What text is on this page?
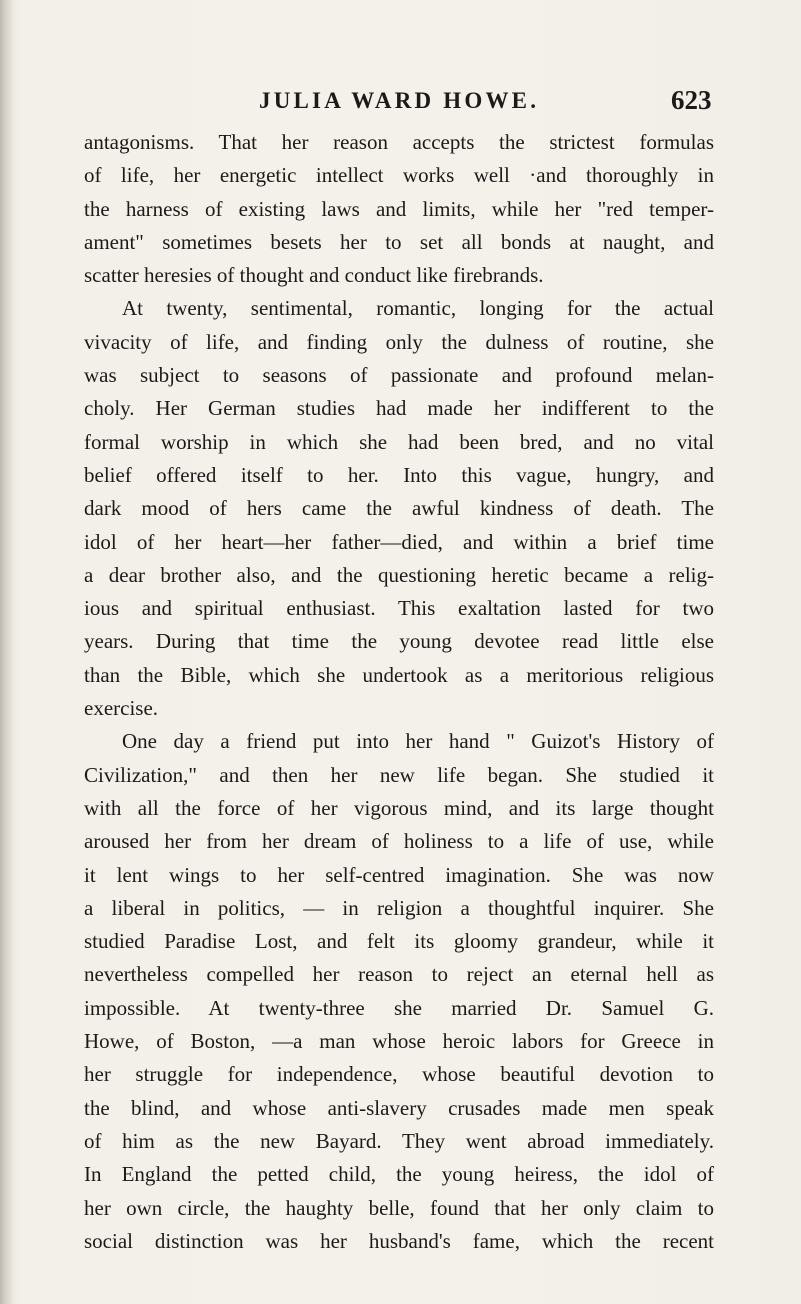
JULIA WARD HOWE.	623
antagonisms. That her reason accepts the strictest formulas
of life, her energetic intellect works well ·and thoroughly in
the harness of existing laws and limits, while her "red temper-
ament" sometimes besets her to set all bonds at naught, and
scatter heresies of thought and conduct like firebrands.
At twenty, sentimental, romantic, longing for the actual
vivacity of life, and finding only the dulness of routine, she
was subject to seasons of passionate and profound melan-
choly. Her German studies had made her indifferent to the
formal worship in which she had been bred, and no vital
belief offered itself to her. Into this vague, hungry, and
dark mood of hers came the awful kindness of death. The
idol of her heart—her father—died, and within a brief time
a dear brother also, and the questioning heretic became a relig-
ious and spiritual enthusiast. This exaltation lasted for two
years. During that time the young devotee read little else
than the Bible, which she undertook as a meritorious religious
exercise.
One day a friend put into her hand " Guizot's History of
Civilization," and then her new life began. She studied it
with all the force of her vigorous mind, and its large thought
aroused her from her dream of holiness to a life of use, while
it lent wings to her self-centred imagination. She was now
a liberal in politics, — in religion a thoughtful inquirer. She
studied Paradise Lost, and felt its gloomy grandeur, while it
nevertheless compelled her reason to reject an eternal hell as
impossible. At twenty-three she married Dr. Samuel G.
Howe, of Boston, —a man whose heroic labors for Greece in
her struggle for independence, whose beautiful devotion to
the blind, and whose anti-slavery crusades made men speak
of him as the new Bayard. They went abroad immediately.
In England the petted child, the young heiress, the idol of
her own circle, the haughty belle, found that her only claim to
social distinction was her husband's fame, which the recent
